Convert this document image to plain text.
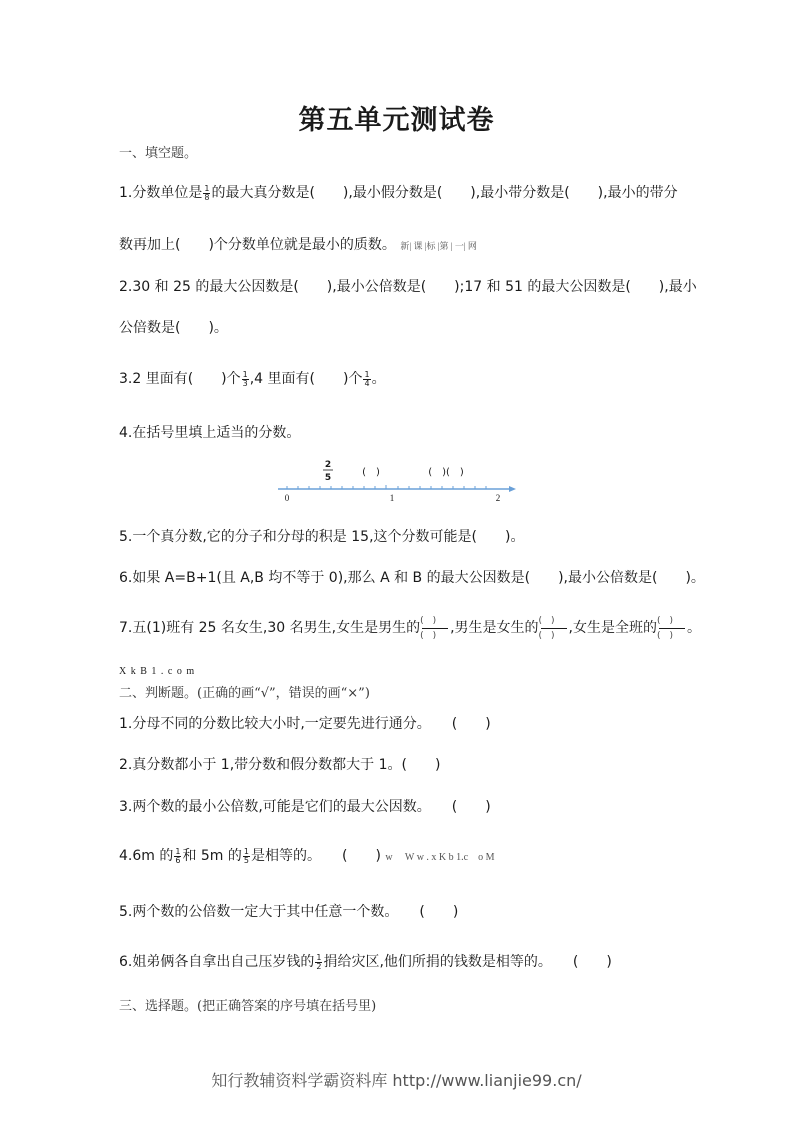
第五单元测试卷
一、填空题。
1.分数单位是 $\frac{1}{8}$ 的最大真分数是(　　),最小假分数是(　　),最小带分数是(　　),最小的带分
数再加上(　　)个分数单位就是最小的质数。 新| 课 |标 |第 | 一| 网
2.30 和 25 的最大公因数是(　　),最小公倍数是(　　);17 和 51 的最大公因数是(　　),最小
公倍数是(　　)。
3.2 里面有(　　)个 $\frac{1}{3} ,4$ 里面有(　　)个 $\frac{1}{4}$ 。
4.在括号里填上适当的分数。
0	1	2
2
5	(　)	(　)(　)
5.一个真分数,它的分子和分母的积是 15,这个分数可能是(　　)。
6.如果 A=B+1(且 A,B 均不等于 0),那么 A 和 B 的最大公因数是(　　),最小公倍数是(　　)。
7.五(1)班有 25 名女生,30 名男生,女生是男生的 (　)
(　) ,男生是女生的 (　)
(　) ,女生是全班的 (　)
(　) 。
X k B 1 . c o m
二、判断题。(正确的画“√”，错误的画“×”)
1.分母不同的分数比较大小时,一定要先进行通分。　　(　　)
2.真分数都小于 1,带分数和假分数都大于 1。(　　)
3.两个数的最小公倍数,可能是它们的最大公因数。　　(　　)
4.6m 的 $\frac{1}{6}$ 和 5m 的 $\frac{1}{5}$ 是相等的。　　(　　) w　 W w . x K b 1.c　o M
5.两个数的公倍数一定大于其中任意一个数。　　(　　)
6.姐弟俩各自拿出自己压岁钱的 $\frac{1}{2}$ 捐给灾区,他们所捐的钱数是相等的。　　(　　)
三、选择题。(把正确答案的序号填在括号里)
知行教辅资料学霸资料库 http://www.lianjie99.cn/
